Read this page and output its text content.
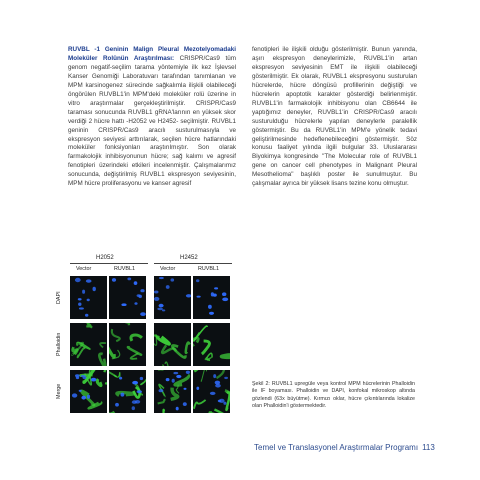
RUVBL -1 Geninin Malign Pleural Mezotelyomadaki Moleküler Rolünün Araştırılması: CRISPR/Cas9 tüm genom negatif-seçilim tarama yöntemiyle ilk kez İşlevsel Kanser Genomiği Laboratuvarı tarafından tanımlanan ve MPM karsinogenez sürecinde sağkalımla ilişkili olabileceği öngörülen RUVBL1'in MPM'deki moleküler rolü üzerine in vitro araştırmalar gerçekleştirilmiştir. CRISPR/Cas9 taraması sonucunda RUVBL1 gRNA'larının en yüksek skor verdiği 2 hücre hattı -H2052 ve H2452- seçilmiştir. RUVBL1 geninin CRISPR/Cas9 aracılı susturulmasıyla ve ekspresyon seviyesi arttırılarak, seçilen hücre hatlarındaki moleküler fonksiyonları araştırılmıştır. Son olarak farmakolojik inhibisyonunun hücre; sağ kalımı ve agresif fenotipleri üzerindeki etkileri incelenmiştir. Çalışmalarımız sonucunda, değiştirilmiş RUVBL1 ekspresyon seviyesinin, MPM hücre proliferasyonu ve kanser agresif

fenotipleri ile ilişkili olduğu gösterilmiştir. Bunun yanında, aşırı ekspresyon deneylerimizle, RUVBL1'in artan ekspresyon seviyesinin EMT ile ilişkili olabileceği gösterilmiştir. Ek olarak, RUVBL1 ekspresyonu susturulan hücrelerde, hücre döngüsü profillerinin değiştiği ve hücrelerin apoptotik karakter gösterdiği belirlenmiştir. RUVBL1'in farmakolojik inhibisyonu olan CB6644 ile yaptığımız deneyler, RUVBL1'in CRISPR/Cas9 aracılı susturulduğu hücrelerle yapılan deneylerle paralellik göstermiştir. Bu da RUVBL1'in MPM'e yönelik tedavi geliştirilmesinde hedeflenebileceğini göstermiştir. Söz konusu faaliyet yılında ilgili bulgular 33. Uluslararası Biyokimya kongresinde "The Molecular role of RUVBL1 gene on cancer cell phenotypes in Malignant Pleural Mesothelioma" başlıklı poster ile sunulmuştur. Bu çalışmalar ayrıca bir yüksek lisans tezine konu olmuştur.

H2052	H2452
Vector	RUVBL1	Vector	RUVBL1
DAPI
Phalloidin
Merge	Şekil 2: RUVBL1 upregüle veya kontrol MPM hücrelerinin Phalloidin ile IF boyaması. Phalloidin ve DAPI, konfokal mikroskop altında gözlendi (63x büyütme). Kırmızı oklar, hücre çıkıntılarında lokalize olan Phalloidin'i göstermektedir.
Temel ve Translasyonel Araştırmalar Programı 113
